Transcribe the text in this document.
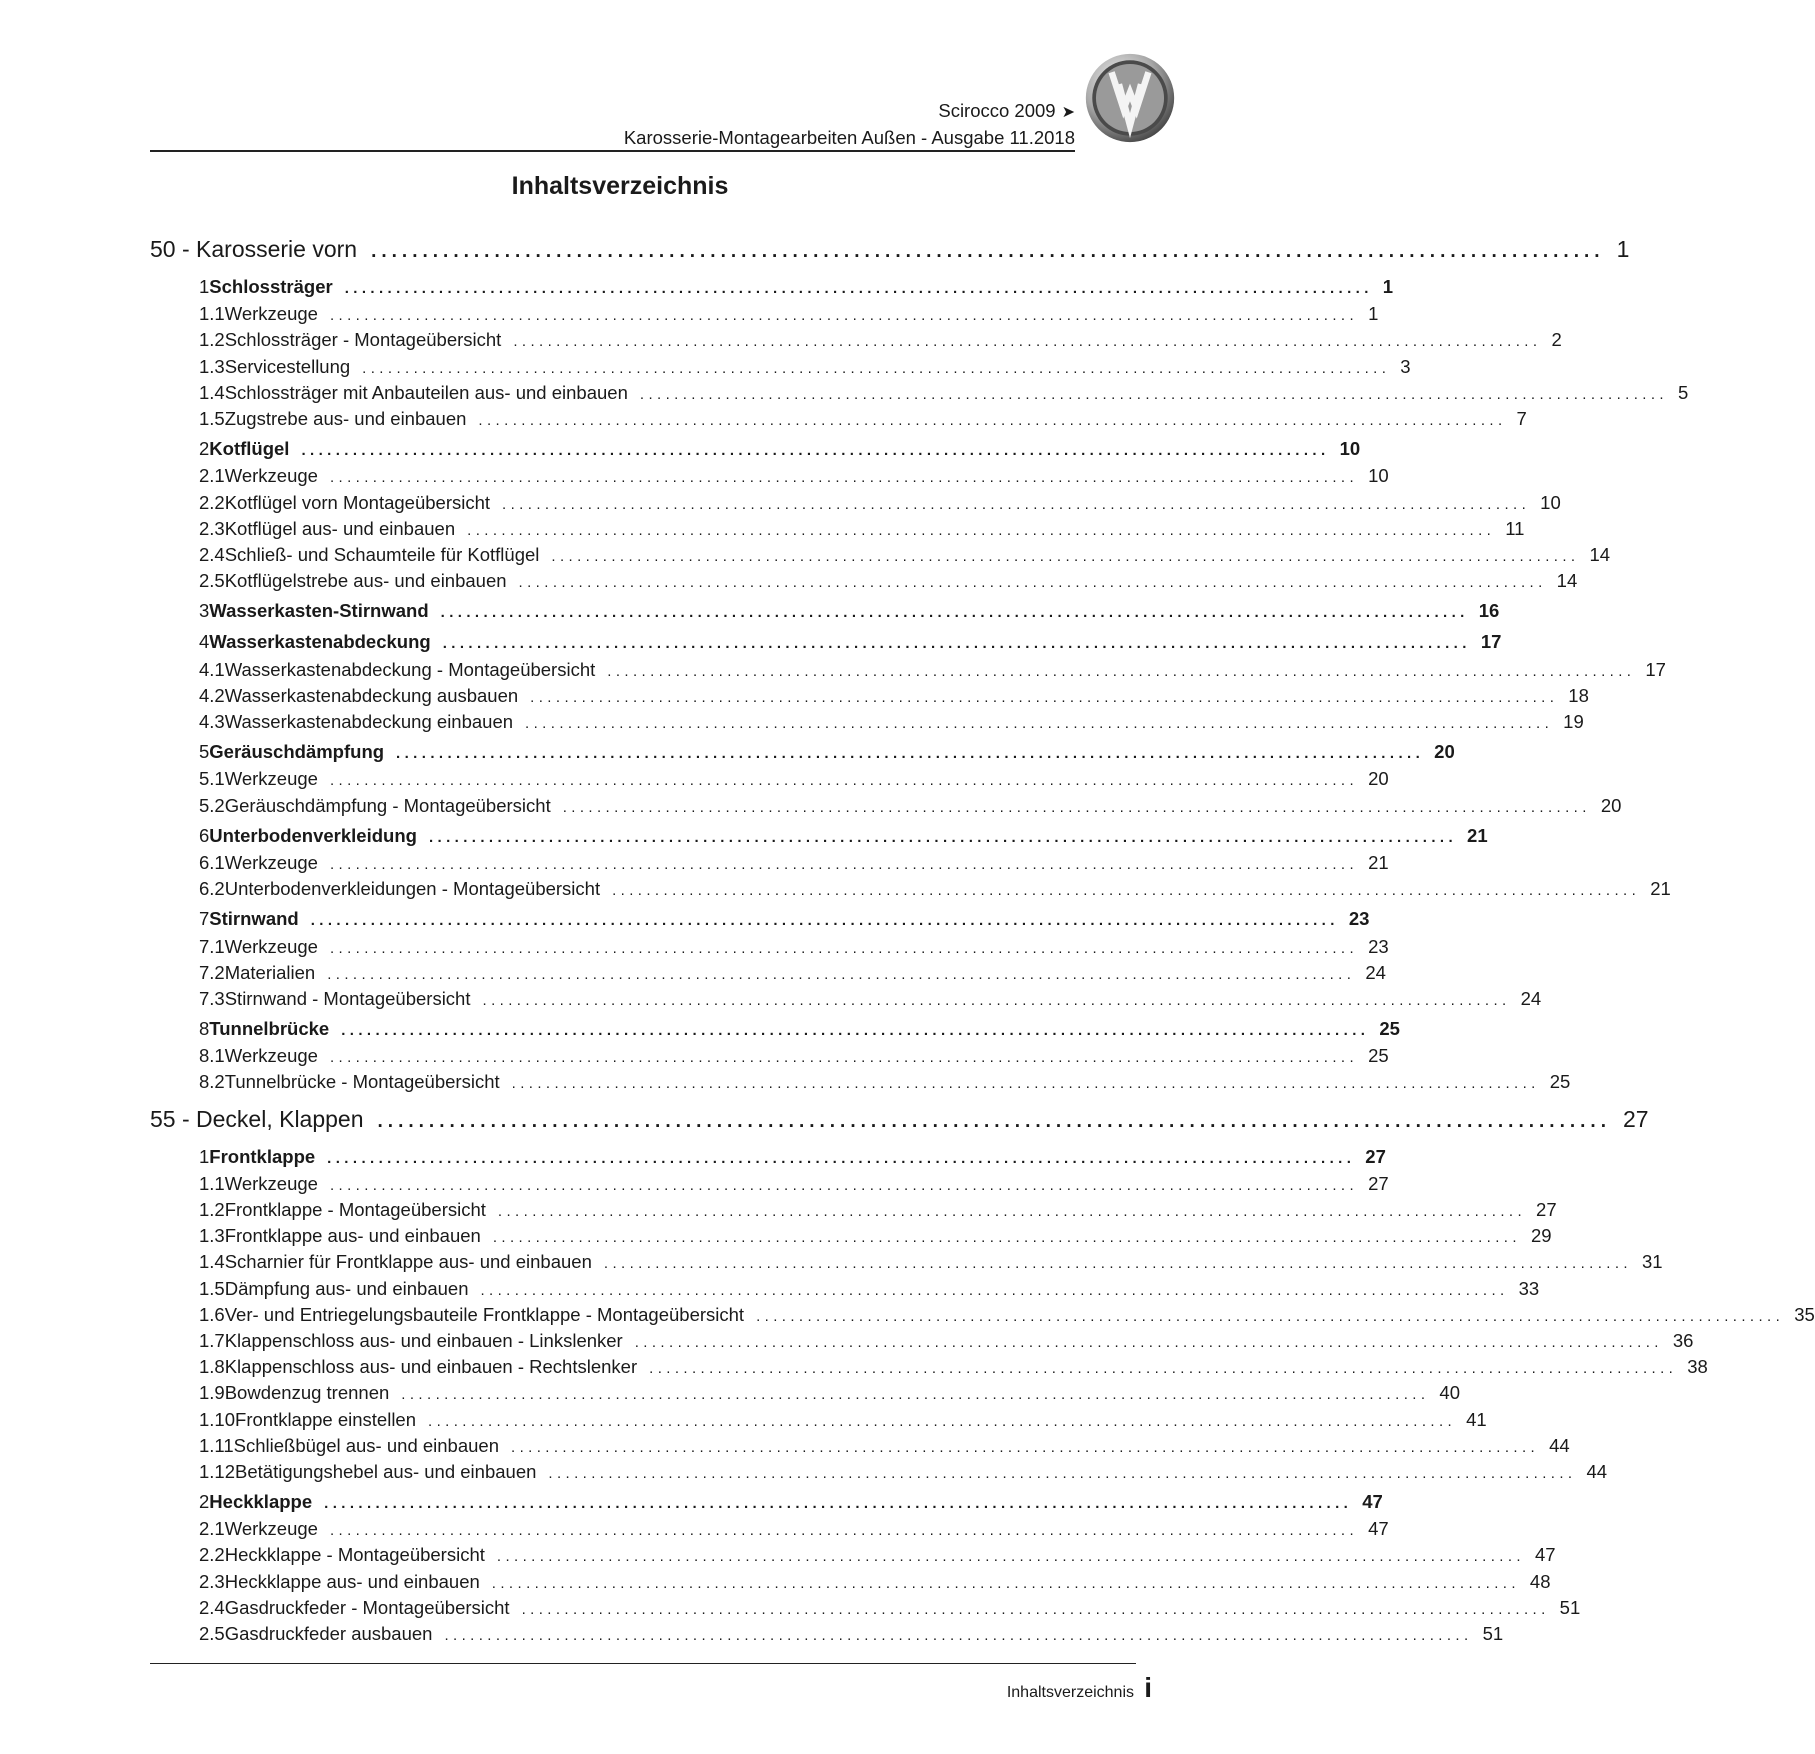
Scirocco 2009 ➤
Karosserie-Montagearbeiten Außen - Ausgabe 11.2018
Inhaltsverzeichnis
50 - Karosserie vorn ........................................................................................................................ 1
1 Schlossträger ........................................................................................................................ 1
1.1 Werkzeuge ........................................................................................................................ 1
1.2 Schlossträger - Montageübersicht ........................................................................................................................ 2
1.3 Servicestellung ........................................................................................................................ 3
1.4 Schlossträger mit Anbauteilen aus- und einbauen ........................................................................................................................ 5
1.5 Zugstrebe aus- und einbauen ........................................................................................................................ 7
2 Kotflügel ........................................................................................................................ 10
2.1 Werkzeuge ........................................................................................................................ 10
2.2 Kotflügel vorn Montageübersicht ........................................................................................................................ 10
2.3 Kotflügel aus- und einbauen ........................................................................................................................ 11
2.4 Schließ- und Schaumteile für Kotflügel ........................................................................................................................ 14
2.5 Kotflügelstrebe aus- und einbauen ........................................................................................................................ 14
3 Wasserkasten-Stirnwand ........................................................................................................................ 16
4 Wasserkastenabdeckung ........................................................................................................................ 17
4.1 Wasserkastenabdeckung - Montageübersicht ........................................................................................................................ 17
4.2 Wasserkastenabdeckung ausbauen ........................................................................................................................ 18
4.3 Wasserkastenabdeckung einbauen ........................................................................................................................ 19
5 Geräuschdämpfung ........................................................................................................................ 20
5.1 Werkzeuge ........................................................................................................................ 20
5.2 Geräuschdämpfung - Montageübersicht ........................................................................................................................ 20
6 Unterbodenverkleidung ........................................................................................................................ 21
6.1 Werkzeuge ........................................................................................................................ 21
6.2 Unterbodenverkleidungen - Montageübersicht ........................................................................................................................ 21
7 Stirnwand ........................................................................................................................ 23
7.1 Werkzeuge ........................................................................................................................ 23
7.2 Materialien ........................................................................................................................ 24
7.3 Stirnwand - Montageübersicht ........................................................................................................................ 24
8 Tunnelbrücke ........................................................................................................................ 25
8.1 Werkzeuge ........................................................................................................................ 25
8.2 Tunnelbrücke - Montageübersicht ........................................................................................................................ 25
55 - Deckel, Klappen ........................................................................................................................ 27
1 Frontklappe ........................................................................................................................ 27
1.1 Werkzeuge ........................................................................................................................ 27
1.2 Frontklappe - Montageübersicht ........................................................................................................................ 27
1.3 Frontklappe aus- und einbauen ........................................................................................................................ 29
1.4 Scharnier für Frontklappe aus- und einbauen ........................................................................................................................ 31
1.5 Dämpfung aus- und einbauen ........................................................................................................................ 33
1.6 Ver- und Entriegelungsbauteile Frontklappe - Montageübersicht ........................................................................................................................ 35
1.7 Klappenschloss aus- und einbauen - Linkslenker ........................................................................................................................ 36
1.8 Klappenschloss aus- und einbauen - Rechtslenker ........................................................................................................................ 38
1.9 Bowdenzug trennen ........................................................................................................................ 40
1.10 Frontklappe einstellen ........................................................................................................................ 41
1.11 Schließbügel aus- und einbauen ........................................................................................................................ 44
1.12 Betätigungshebel aus- und einbauen ........................................................................................................................ 44
2 Heckklappe ........................................................................................................................ 47
2.1 Werkzeuge ........................................................................................................................ 47
2.2 Heckklappe - Montageübersicht ........................................................................................................................ 47
2.3 Heckklappe aus- und einbauen ........................................................................................................................ 48
2.4 Gasdruckfeder - Montageübersicht ........................................................................................................................ 51
2.5 Gasdruckfeder ausbauen ........................................................................................................................ 51
Inhaltsverzeichnis i
